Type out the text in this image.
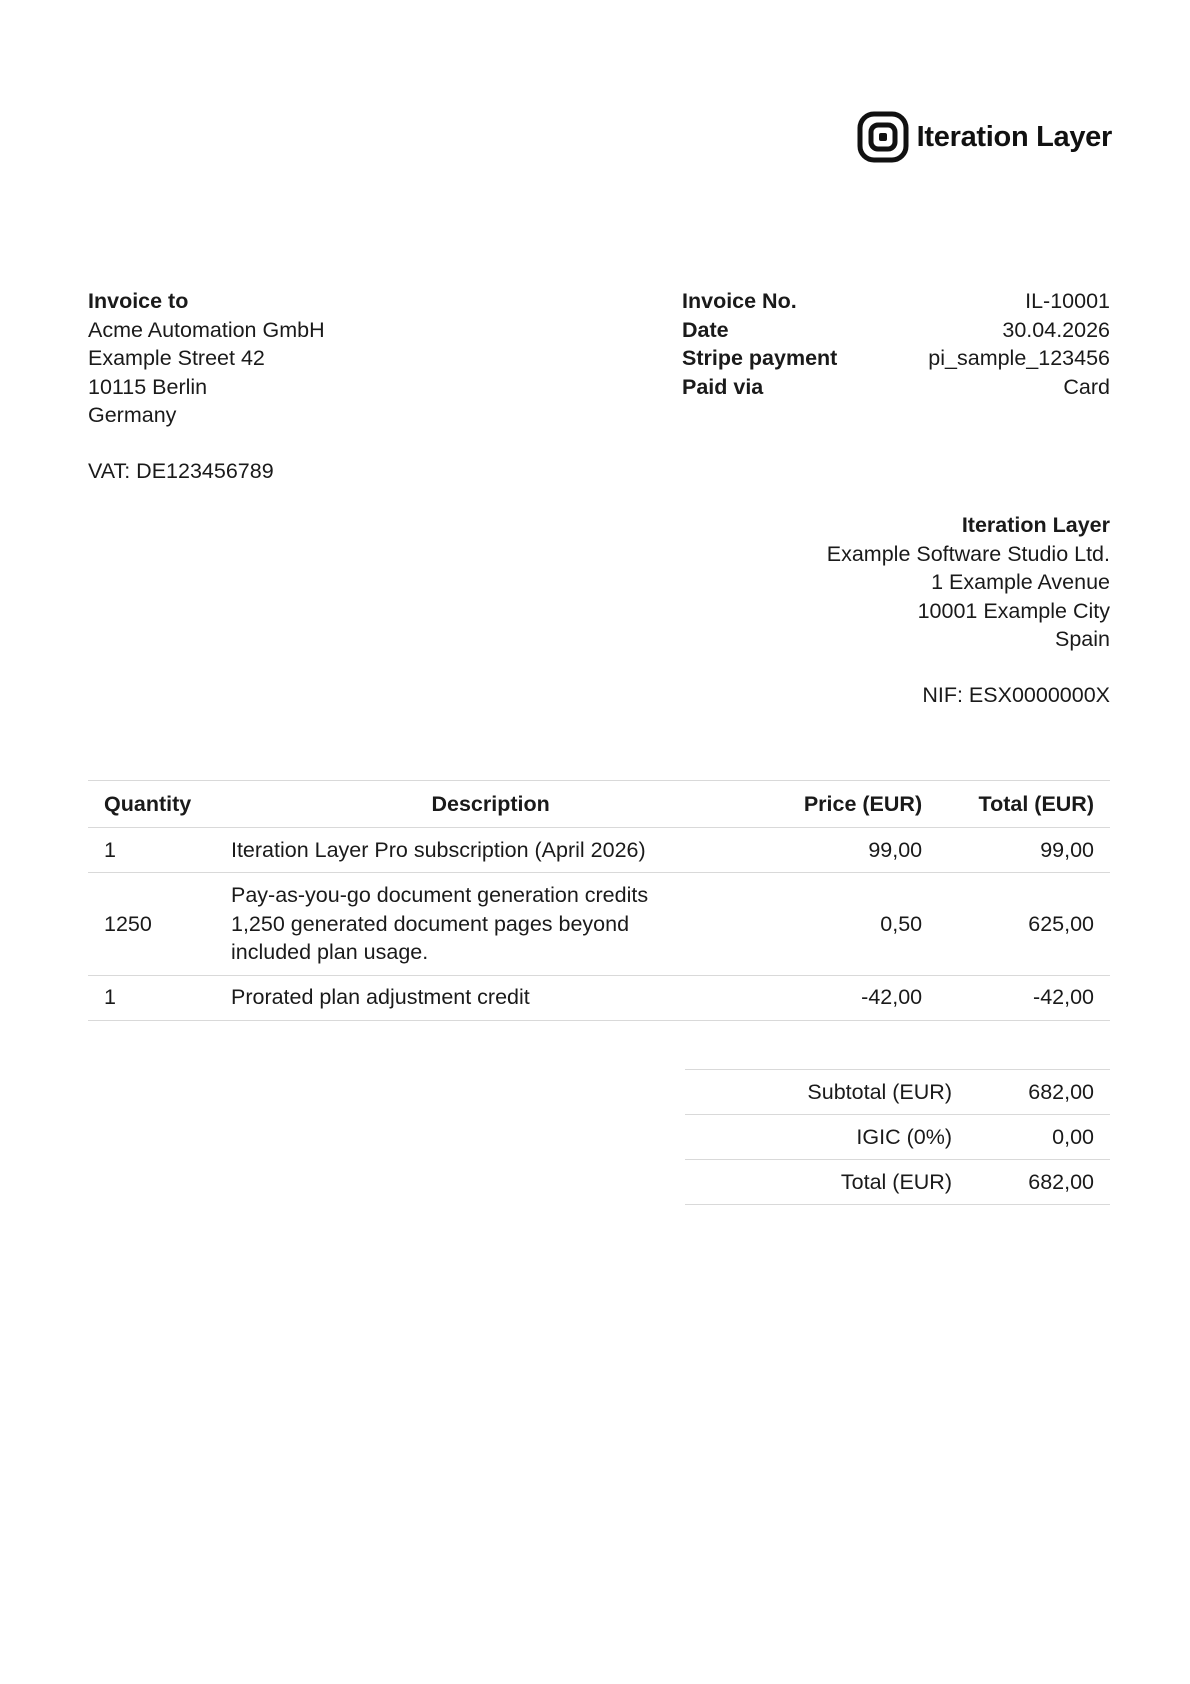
Iteration Layer
Invoice to
Acme Automation GmbH
Example Street 42
10115 Berlin
Germany
VAT: DE123456789
Invoice No.	IL-10001
Date	30.04.2026
Stripe payment	pi_sample_123456
Paid via	Card
Iteration Layer
Example Software Studio Ltd.
1 Example Avenue
10001 Example City
Spain
NIF: ESX0000000X
Quantity	Description	Price (EUR)	Total (EUR)
1	Iteration Layer Pro subscription (April 2026)	99,00	99,00
1250	Pay-as-you-go document generation credits
1,250 generated document pages beyond
included plan usage.	0,50	625,00
1	Prorated plan adjustment credit	-42,00	-42,00
Subtotal (EUR)	682,00
IGIC (0%)	0,00
Total (EUR)	682,00
